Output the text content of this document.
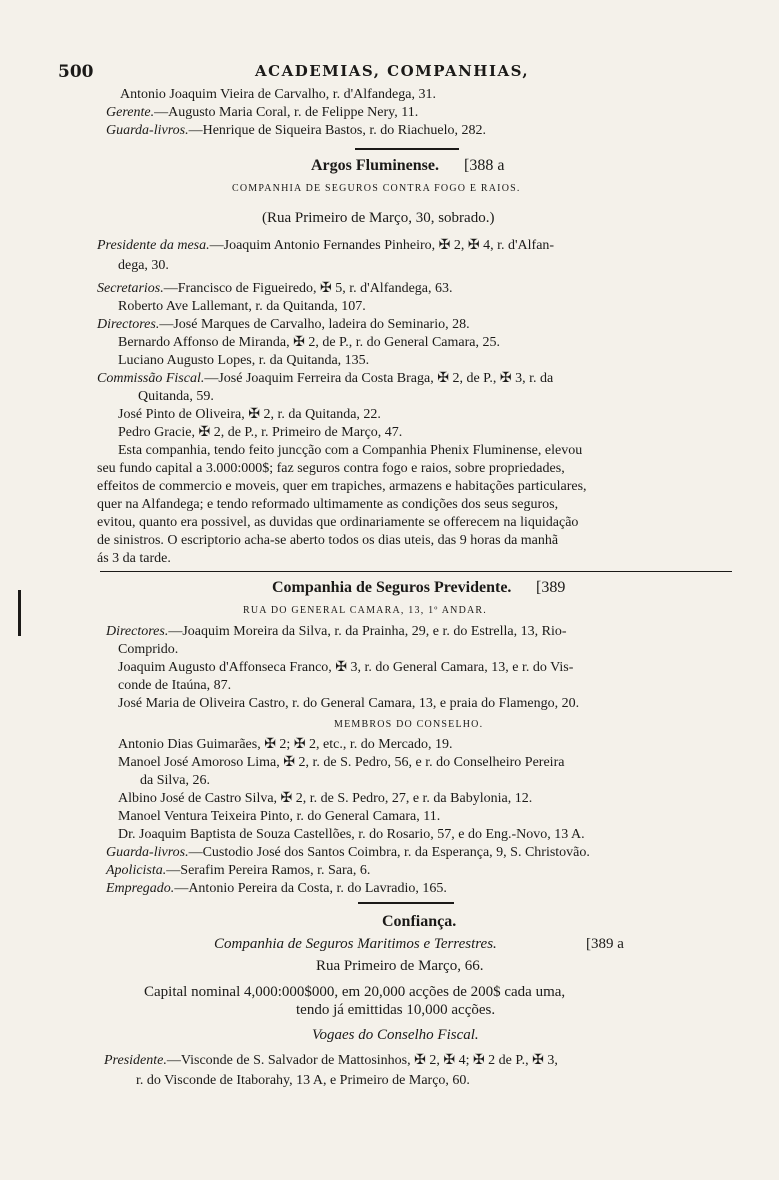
500	ACADEMIAS, COMPANHIAS,
Antonio Joaquim Vieira de Carvalho, r. d'Alfandega, 31.
Gerente.—Augusto Maria Coral, r. de Felippe Nery, 11.
Guarda-livros.—Henrique de Siqueira Bastos, r. do Riachuelo, 282.
Argos Fluminense. [388 a
COMPANHIA DE SEGUROS CONTRA FOGO E RAIOS.
(Rua Primeiro de Março, 30, sobrado.)
Presidente da mesa.—Joaquim Antonio Fernandes Pinheiro, ✠ 2, ✠ 4, r. d'Alfan-
dega, 30.
Secretarios.—Francisco de Figueiredo, ✠ 5, r. d'Alfandega, 63.
Roberto Ave Lallemant, r. da Quitanda, 107.
Directores.—José Marques de Carvalho, ladeira do Seminario, 28.
Bernardo Affonso de Miranda, ✠ 2, de P., r. do General Camara, 25.
Luciano Augusto Lopes, r. da Quitanda, 135.
Commissão Fiscal.—José Joaquim Ferreira da Costa Braga, ✠ 2, de P., ✠ 3, r. da
Quitanda, 59.
José Pinto de Oliveira, ✠ 2, r. da Quitanda, 22.
Pedro Gracie, ✠ 2, de P., r. Primeiro de Março, 47.
Esta companhia, tendo feito juncção com a Companhia Phenix Fluminense, elevou
seu fundo capital a 3.000:000$; faz seguros contra fogo e raios, sobre propriedades,
effeitos de commercio e moveis, quer em trapiches, armazens e habitações particulares,
quer na Alfandega; e tendo reformado ultimamente as condições dos seus seguros,
evitou, quanto era possivel, as duvidas que ordinariamente se offerecem na liquidação
de sinistros. O escriptorio acha-se aberto todos os dias uteis, das 9 horas da manhã
ás 3 da tarde.
Companhia de Seguros Previdente. [389
RUA DO GENERAL CAMARA, 13, 1º ANDAR.
Directores.—Joaquim Moreira da Silva, r. da Prainha, 29, e r. do Estrella, 13, Rio-
Comprido.
Joaquim Augusto d'Affonseca Franco, ✠ 3, r. do General Camara, 13, e r. do Vis-
conde de Itaúna, 87.
José Maria de Oliveira Castro, r. do General Camara, 13, e praia do Flamengo, 20.
MEMBROS DO CONSELHO.
Antonio Dias Guimarães, ✠ 2; ✠ 2, etc., r. do Mercado, 19.
Manoel José Amoroso Lima, ✠ 2, r. de S. Pedro, 56, e r. do Conselheiro Pereira
da Silva, 26.
Albino José de Castro Silva, ✠ 2, r. de S. Pedro, 27, e r. da Babylonia, 12.
Manoel Ventura Teixeira Pinto, r. do General Camara, 11.
Dr. Joaquim Baptista de Souza Castellões, r. do Rosario, 57, e do Eng.-Novo, 13 A.
Guarda-livros.—Custodio José dos Santos Coimbra, r. da Esperança, 9, S. Christovão.
Apolicista.—Serafim Pereira Ramos, r. Sara, 6.
Empregado.—Antonio Pereira da Costa, r. do Lavradio, 165.
Confiança.
Companhia de Seguros Maritimos e Terrestres.	[389 a
Rua Primeiro de Março, 66.
Capital nominal 4,000:000$000, em 20,000 acções de 200$ cada uma,
tendo já emittidas 10,000 acções.
Vogaes do Conselho Fiscal.
Presidente.—Visconde de S. Salvador de Mattosinhos, ✠ 2, ✠ 4; ✠ 2 de P., ✠ 3,
r. do Visconde de Itaborahy, 13 A, e Primeiro de Março, 60.
